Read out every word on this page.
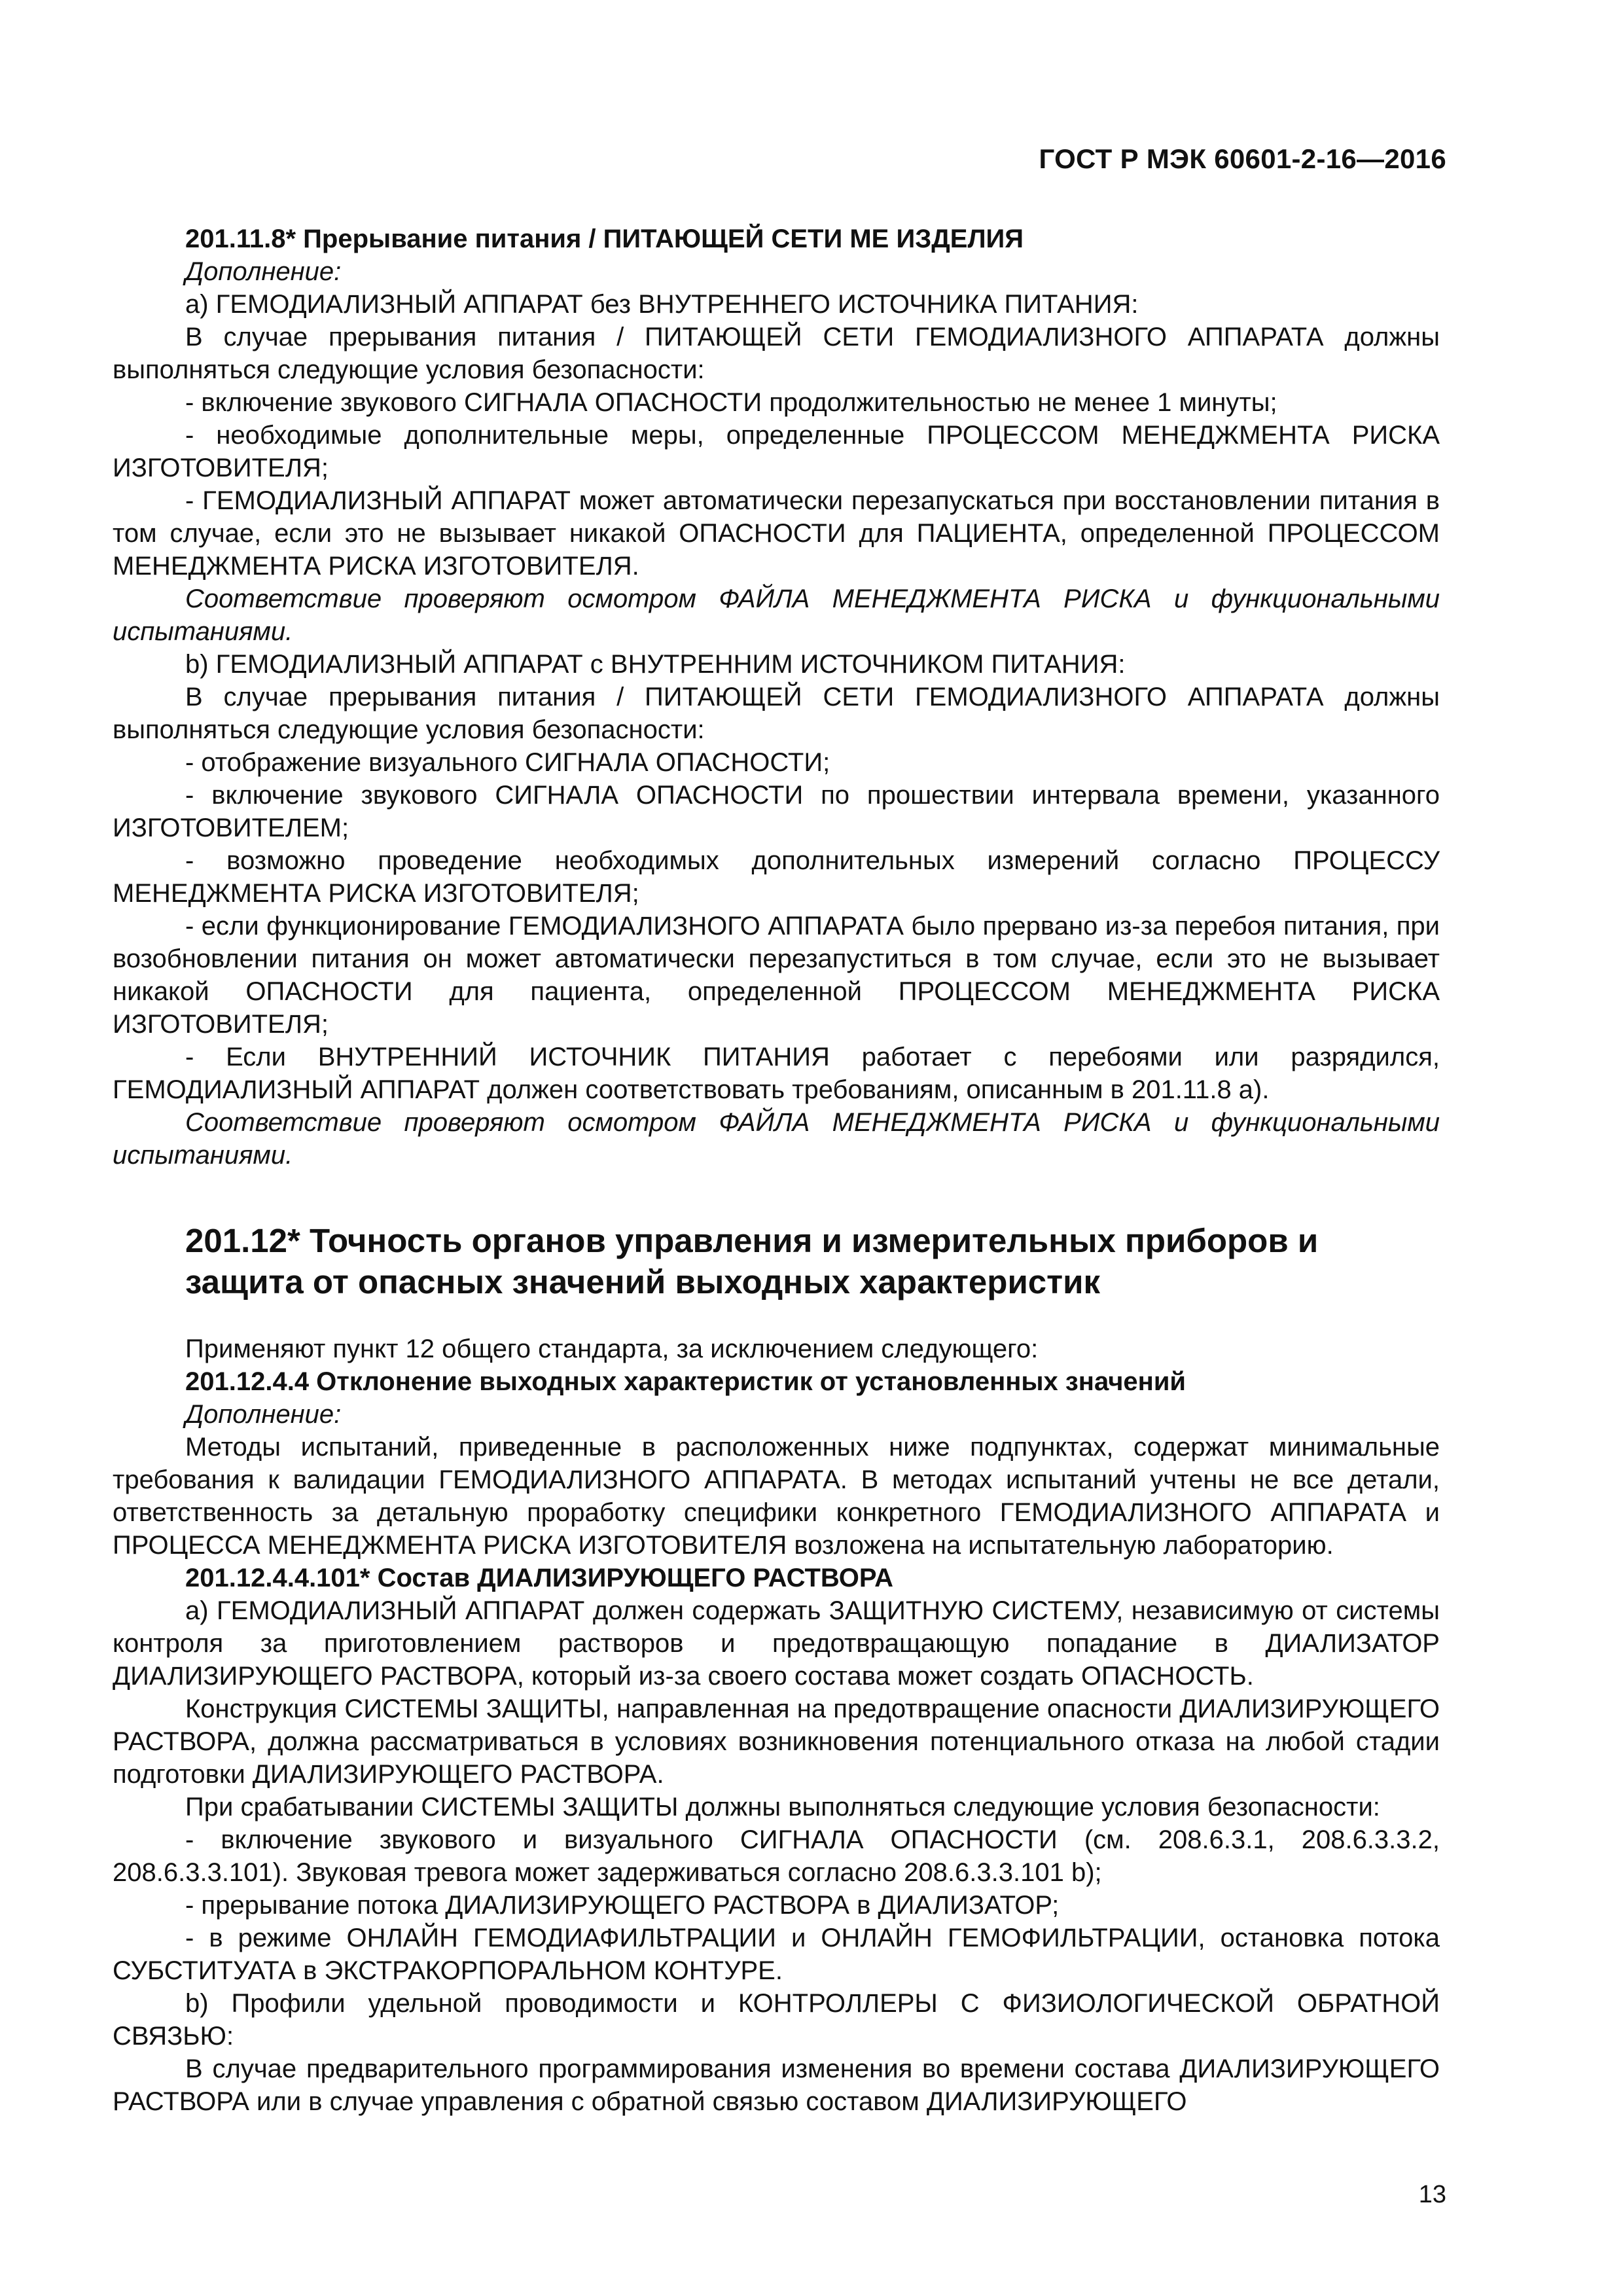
ГОСТ Р МЭК 60601-2-16—2016

201.11.8* Прерывание питания / ПИТАЮЩЕЙ СЕТИ МЕ ИЗДЕЛИЯ

Дополнение:

a) ГЕМОДИАЛИЗНЫЙ АППАРАТ без ВНУТРЕННЕГО ИСТОЧНИКА ПИТАНИЯ:

В случае прерывания питания / ПИТАЮЩЕЙ СЕТИ ГЕМОДИАЛИЗНОГО АППАРАТА должны выполняться следующие условия безопасности:

- включение звукового СИГНАЛА ОПАСНОСТИ продолжительностью не менее 1 минуты;

- необходимые дополнительные меры, определенные ПРОЦЕССОМ МЕНЕДЖМЕНТА РИСКА ИЗГОТОВИТЕЛЯ;

- ГЕМОДИАЛИЗНЫЙ АППАРАТ может автоматически перезапускаться при восстановлении питания в том случае, если это не вызывает никакой ОПАСНОСТИ для ПАЦИЕНТА, определенной ПРОЦЕССОМ МЕНЕДЖМЕНТА РИСКА ИЗГОТОВИТЕЛЯ.

Соответствие проверяют осмотром ФАЙЛА МЕНЕДЖМЕНТА РИСКА и функциональными испытаниями.

b) ГЕМОДИАЛИЗНЫЙ АППАРАТ с ВНУТРЕННИМ ИСТОЧНИКОМ ПИТАНИЯ:

В случае прерывания питания / ПИТАЮЩЕЙ СЕТИ ГЕМОДИАЛИЗНОГО АППАРАТА должны выполняться следующие условия безопасности:

- отображение визуального СИГНАЛА ОПАСНОСТИ;

- включение звукового СИГНАЛА ОПАСНОСТИ по прошествии интервала времени, указанного ИЗГОТОВИТЕЛЕМ;

- возможно проведение необходимых дополнительных измерений согласно ПРОЦЕССУ МЕНЕДЖМЕНТА РИСКА ИЗГОТОВИТЕЛЯ;

- если функционирование ГЕМОДИАЛИЗНОГО АППАРАТА было прервано из-за перебоя питания, при возобновлении питания он может автоматически перезапуститься в том случае, если это не вызывает никакой ОПАСНОСТИ для пациента, определенной ПРОЦЕССОМ МЕНЕДЖМЕНТА РИСКА ИЗГОТОВИТЕЛЯ;

- Если ВНУТРЕННИЙ ИСТОЧНИК ПИТАНИЯ работает с перебоями или разрядился, ГЕМОДИАЛИЗНЫЙ АППАРАТ должен соответствовать требованиям, описанным в 201.11.8 а).

Соответствие проверяют осмотром ФАЙЛА МЕНЕДЖМЕНТА РИСКА и функциональными испытаниями.

201.12* Точность органов управления и измерительных приборов и защита от опасных значений выходных характеристик

Применяют пункт 12 общего стандарта, за исключением следующего:

201.12.4.4 Отклонение выходных характеристик от установленных значений

Дополнение:

Методы испытаний, приведенные в расположенных ниже подпунктах, содержат минимальные требования к валидации ГЕМОДИАЛИЗНОГО АППАРАТА. В методах испытаний учтены не все детали, ответственность за детальную проработку специфики конкретного ГЕМОДИАЛИЗНОГО АППАРАТА и ПРОЦЕССА МЕНЕДЖМЕНТА РИСКА ИЗГОТОВИТЕЛЯ возложена на испытательную лабораторию.

201.12.4.4.101* Состав ДИАЛИЗИРУЮЩЕГО РАСТВОРА

a) ГЕМОДИАЛИЗНЫЙ АППАРАТ должен содержать ЗАЩИТНУЮ СИСТЕМУ, независимую от системы контроля за приготовлением растворов и предотвращающую попадание в ДИАЛИЗАТОР ДИАЛИЗИРУЮЩЕГО РАСТВОРА, который из-за своего состава может создать ОПАСНОСТЬ.

Конструкция СИСТЕМЫ ЗАЩИТЫ, направленная на предотвращение опасности ДИАЛИЗИРУЮЩЕГО РАСТВОРА, должна рассматриваться в условиях возникновения потенциального отказа на любой стадии подготовки ДИАЛИЗИРУЮЩЕГО РАСТВОРА.

При срабатывании СИСТЕМЫ ЗАЩИТЫ должны выполняться следующие условия безопасности:

- включение звукового и визуального СИГНАЛА ОПАСНОСТИ (см. 208.6.3.1, 208.6.3.3.2, 208.6.3.3.101). Звуковая тревога может задерживаться согласно 208.6.3.3.101 b);

- прерывание потока ДИАЛИЗИРУЮЩЕГО РАСТВОРА в ДИАЛИЗАТОР;

- в режиме ОНЛАЙН ГЕМОДИАФИЛЬТРАЦИИ и ОНЛАЙН ГЕМОФИЛЬТРАЦИИ, остановка потока СУБСТИТУАТА в ЭКСТРАКОРПОРАЛЬНОМ КОНТУРЕ.

b) Профили удельной проводимости и КОНТРОЛЛЕРЫ С ФИЗИОЛОГИЧЕСКОЙ ОБРАТНОЙ СВЯЗЬЮ:

В случае предварительного программирования изменения во времени состава ДИАЛИЗИРУЮЩЕГО РАСТВОРА или в случае управления с обратной связью составом ДИАЛИЗИРУЮЩЕГО

13
